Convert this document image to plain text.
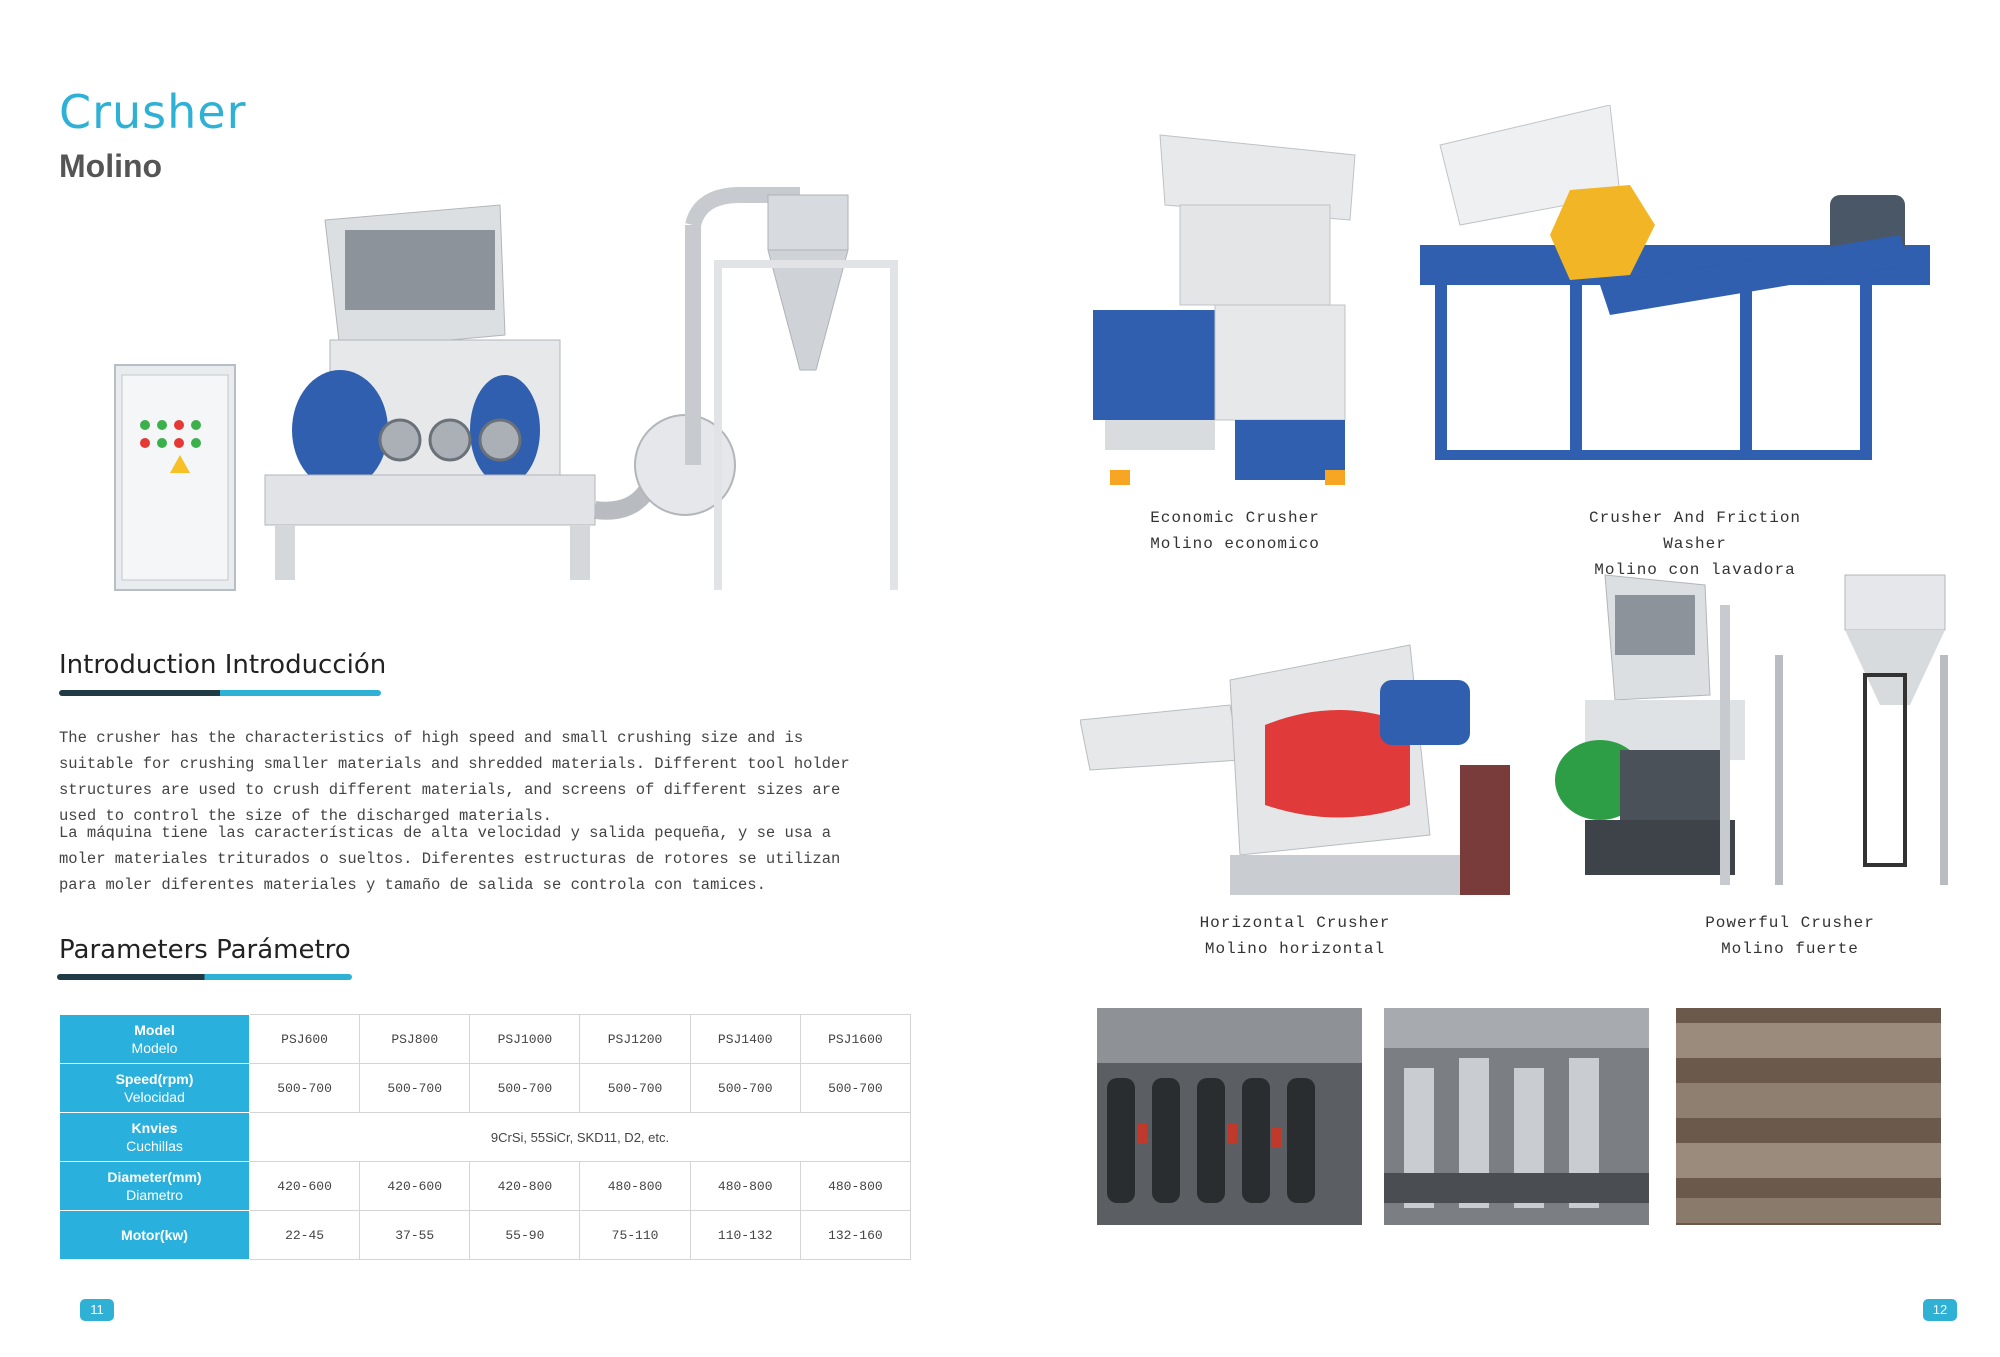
Crusher
Molino
Introduction Introducción
The crusher has the characteristics of high speed and small crushing size and is suitable for crushing smaller materials and shredded materials. Different tool holder structures are used to crush different materials, and screens of different sizes are used to control the size of the discharged materials.
La máquina tiene las características de alta velocidad y salida pequeña, y se usa a moler materiales triturados o sueltos. Diferentes estructuras de rotores se utilizan para moler diferentes materiales y tamaño de salida se controla con tamices.
Parameters Parámetro
Model
Modelo	PSJ600	PSJ800	PSJ1000	PSJ1200	PSJ1400	PSJ1600

Speed(rpm)
Velocidad	500-700	500-700	500-700	500-700	500-700	500-700

Knvies
Cuchillas	9CrSi, 55SiCr, SKD11, D2, etc.					

Diameter(mm)
Diametro	420-600	420-600	420-800	480-800	480-800	480-800

Motor(kw)	22-45	37-55	55-90	75-110	110-132	132-160
11
Economic Crusher
Molino economico
Crusher And Friction Washer
Molino con lavadora
Horizontal Crusher
Molino horizontal
Powerful Crusher
Molino fuerte
12
